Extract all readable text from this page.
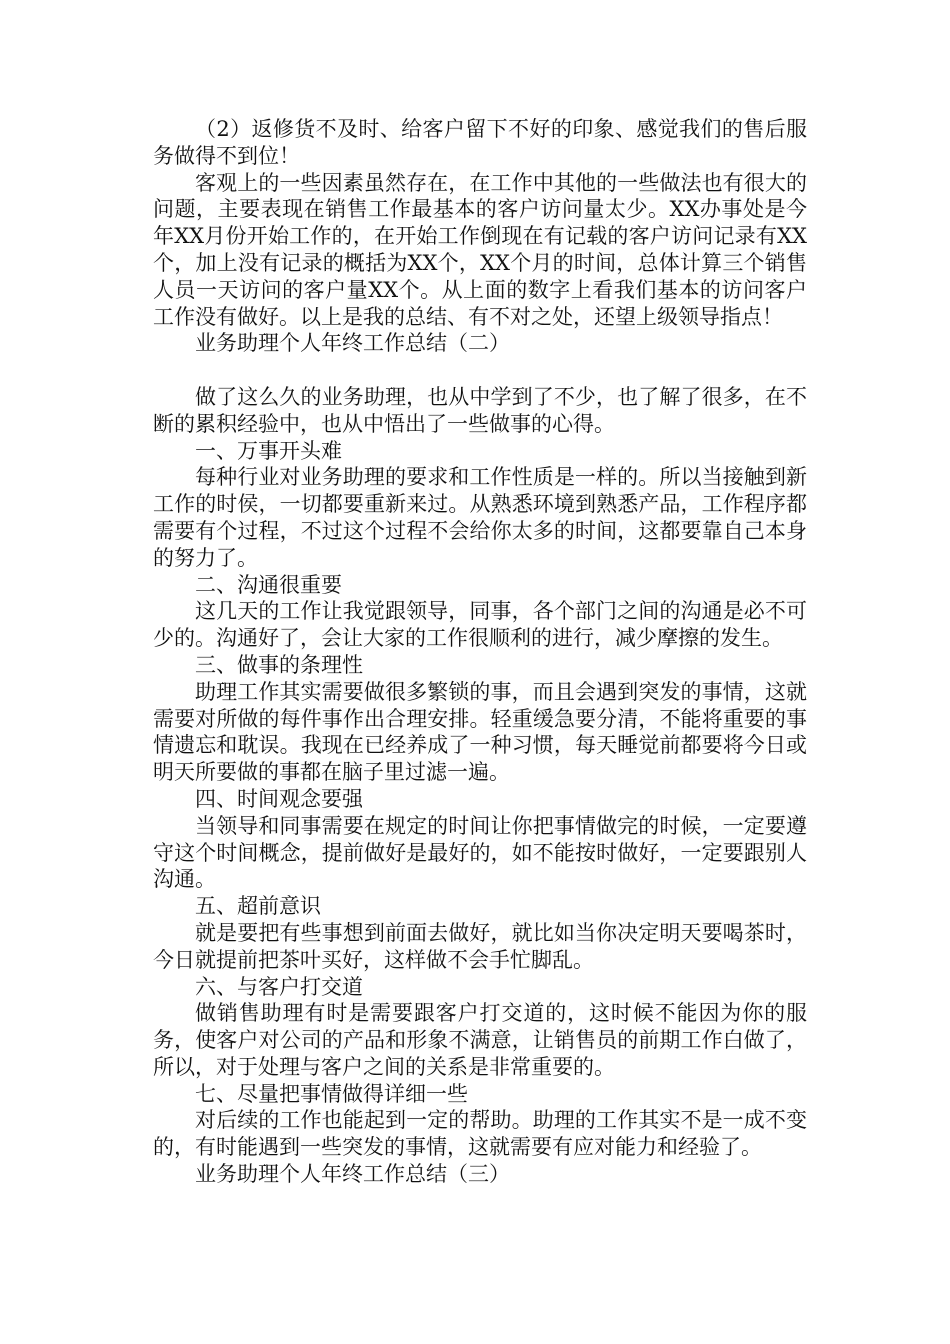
（2）返修货不及时、给客户留下不好的印象、感觉我们的售后服务做得不到位！

客观上的一些因素虽然存在，在工作中其他的一些做法也有很大的问题，主要表现在销售工作最基本的客户访问量太少。XX办事处是今年XX月份开始工作的，在开始工作倒现在有记载的客户访问记录有XX个，加上没有记录的概括为XX个，XX个月的时间，总体计算三个销售人员一天访问的客户量XX个。从上面的数字上看我们基本的访问客户工作没有做好。以上是我的总结、有不对之处，还望上级领导指点！

业务助理个人年终工作总结（二）

做了这么久的业务助理，也从中学到了不少，也了解了很多，在不断的累积经验中，也从中悟出了一些做事的心得。

一、万事开头难

每种行业对业务助理的要求和工作性质是一样的。所以当接触到新工作的时侯，一切都要重新来过。从熟悉环境到熟悉产品，工作程序都需要有个过程，不过这个过程不会给你太多的时间，这都要靠自己本身的努力了。

二、沟通很重要

这几天的工作让我觉跟领导，同事，各个部门之间的沟通是必不可少的。沟通好了，会让大家的工作很顺利的进行，减少摩擦的发生。

三、做事的条理性

助理工作其实需要做很多繁锁的事，而且会遇到突发的事情，这就需要对所做的每件事作出合理安排。轻重缓急要分清，不能将重要的事情遗忘和耽误。我现在已经养成了一种习惯，每天睡觉前都要将今日或明天所要做的事都在脑子里过滤一遍。

四、时间观念要强

当领导和同事需要在规定的时间让你把事情做完的时候，一定要遵守这个时间概念，提前做好是最好的，如不能按时做好，一定要跟别人沟通。

五、超前意识

就是要把有些事想到前面去做好，就比如当你决定明天要喝茶时，今日就提前把茶叶买好，这样做不会手忙脚乱。

六、与客户打交道

做销售助理有时是需要跟客户打交道的，这时候不能因为你的服务，使客户对公司的产品和形象不满意，让销售员的前期工作白做了，所以，对于处理与客户之间的关系是非常重要的。

七、尽量把事情做得详细一些

对后续的工作也能起到一定的帮助。助理的工作其实不是一成不变的，有时能遇到一些突发的事情，这就需要有应对能力和经验了。

业务助理个人年终工作总结（三）
